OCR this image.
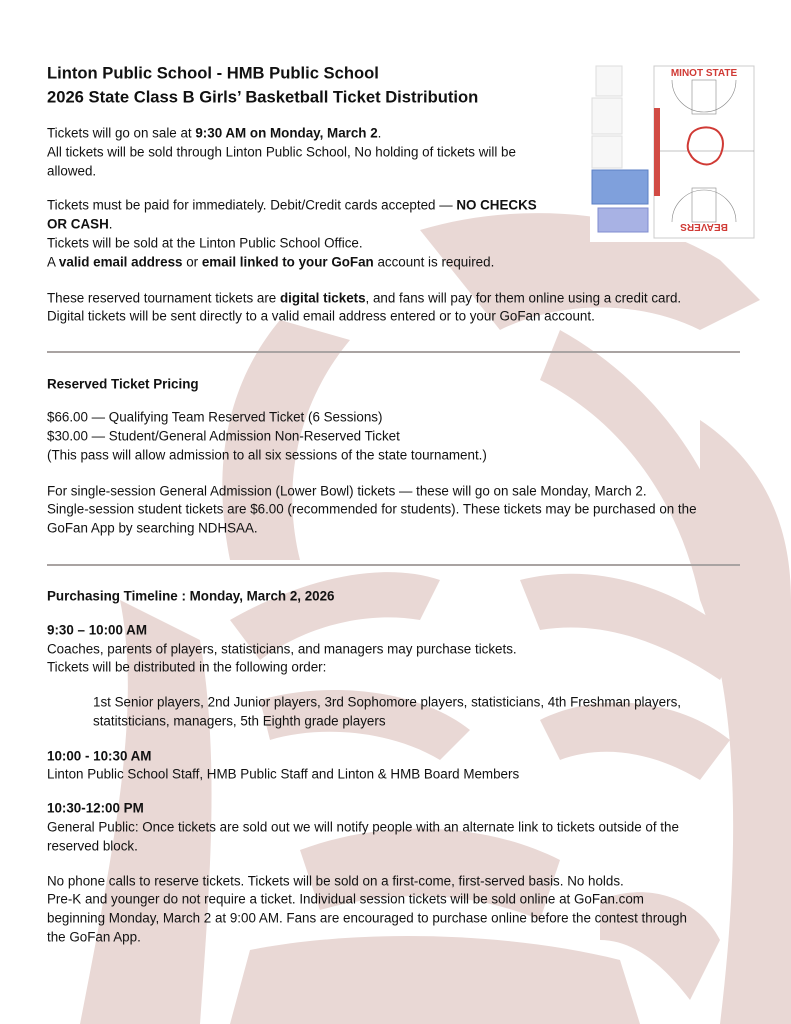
MINOT STATE
BEAVERS
Linton Public School - HMB Public School
2026 State Class B Girls’ Basketball Ticket Distribution
Tickets will go on sale at 9:30 AM on Monday, March 2.
All tickets will be sold through Linton Public School, No holding of tickets will be
allowed.
Tickets must be paid for immediately. Debit/Credit cards accepted — NO CHECKS
OR CASH.
Tickets will be sold at the Linton Public School Office.
A valid email address or email linked to your GoFan account is required.
These reserved tournament tickets are digital tickets, and fans will pay for them online using a credit card.
Digital tickets will be sent directly to a valid email address entered or to your GoFan account.
Reserved Ticket Pricing
$66.00 — Qualifying Team Reserved Ticket (6 Sessions)
$30.00 — Student/General Admission Non-Reserved Ticket
(This pass will allow admission to all six sessions of the state tournament.)
For single-session General Admission (Lower Bowl) tickets — these will go on sale Monday, March 2.
Single-session student tickets are $6.00 (recommended for students). These tickets may be purchased on the
GoFan App by searching NDHSAA.
Purchasing Timeline : Monday, March 2, 2026
9:30 – 10:00 AM
Coaches, parents of players, statisticians, and managers may purchase tickets.
Tickets will be distributed in the following order:
1st Senior players, 2nd Junior players, 3rd Sophomore players, statisticians, 4th Freshman players,
statitsticians, managers, 5th Eighth grade players
10:00 - 10:30 AM
Linton Public School Staff, HMB Public Staff and Linton & HMB Board Members
10:30-12:00 PM
General Public: Once tickets are sold out we will notify people with an alternate link to tickets outside of the
reserved block.
No phone calls to reserve tickets. Tickets will be sold on a first-come, first-served basis. No holds.
Pre-K and younger do not require a ticket. Individual session tickets will be sold online at GoFan.com
beginning Monday, March 2 at 9:00 AM. Fans are encouraged to purchase online before the contest through
the GoFan App.
